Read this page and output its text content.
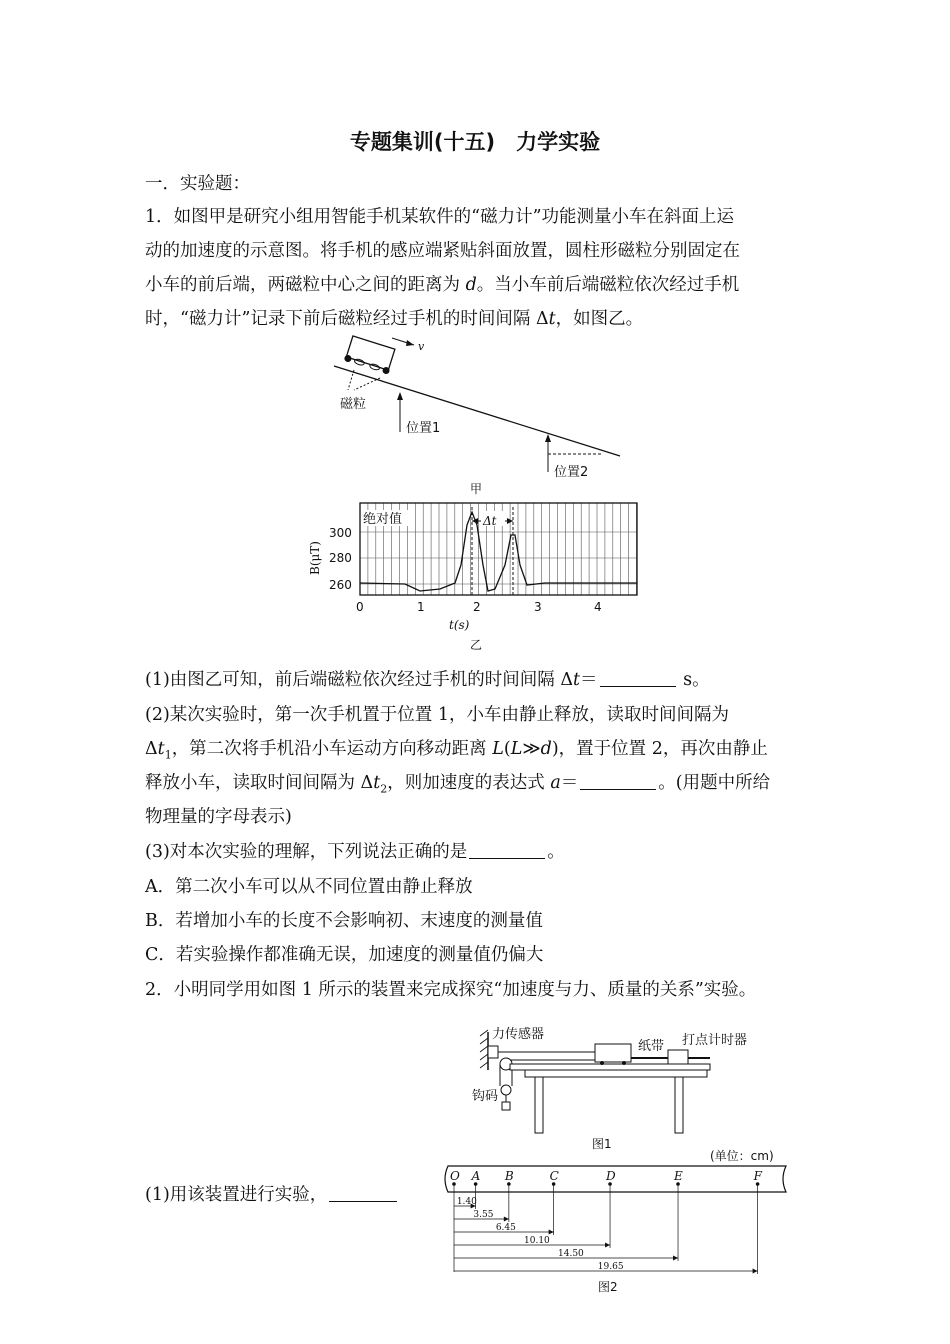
专题集训(十五)　力学实验
一．实验题：
1．如图甲是研究小组用智能手机某软件的“磁力计”功能测量小车在斜面上运
动的加速度的示意图。将手机的感应端紧贴斜面放置，圆柱形磁粒分别固定在
小车的前后端，两磁粒中心之间的距离为 d。当小车前后端磁粒依次经过手机
时，“磁力计”记录下前后磁粒经过手机的时间间隔 Δt，如图乙。
v
磁粒
位置1
位置2
甲
Δt
绝对值
300
280
260
B(μT)
0	1	2	3	4
t(s)
乙
(1)由图乙可知，前后端磁粒依次经过手机的时间间隔 Δt＝	s。
(2)某次实验时，第一次手机置于位置 1，小车由静止释放，读取时间间隔为
$\Delta t_1$，第二次将手机沿小车运动方向移动距离 L(L≫d)，置于位置 2，再次由静止
释放小车，读取时间间隔为 $\Delta t_2$，则加速度的表达式 a＝	。(用题中所给
物理量的字母表示)
(3)对本次实验的理解，下列说法正确的是	。
A．第二次小车可以从不同位置由静止释放
B．若增加小车的长度不会影响初、末速度的测量值
C．若实验操作都准确无误，加速度的测量值仍偏大
2．小明同学用如图 1 所示的装置来完成探究“加速度与力、质量的关系”实验。
力传感器
钩码
纸带 打点计时器
图1
(1)用该装置进行实验，
(单位：cm)
O A B	C	D	E	F
1.40
3.55
6.45
10.10
14.50
19.65
图2
